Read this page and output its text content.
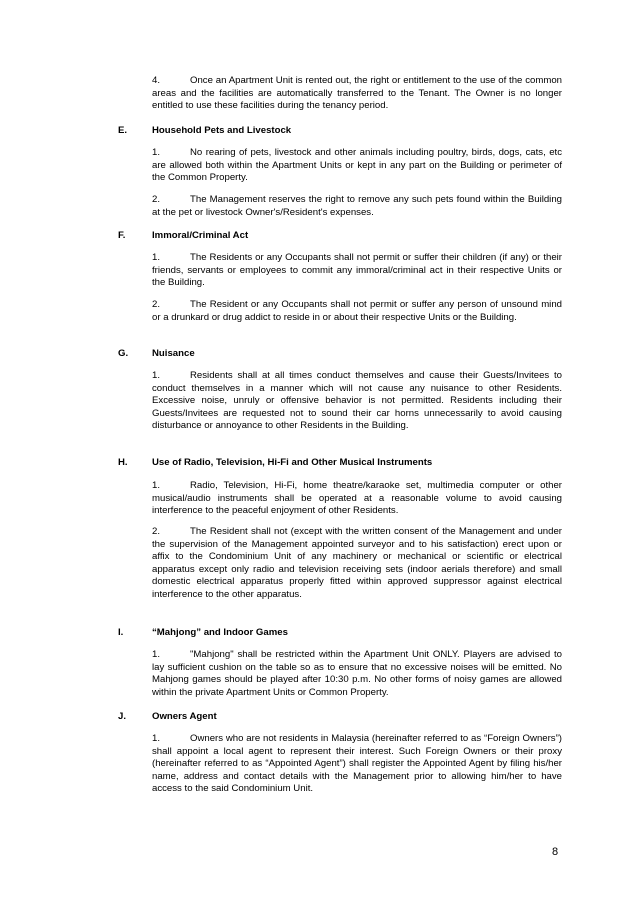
4.	Once an Apartment Unit is rented out, the right or entitlement to the use of the common areas and the facilities are automatically transferred to the Tenant. The Owner is no longer entitled to use these facilities during the tenancy period.

E.	Household Pets and Livestock

1.	No rearing of pets, livestock and other animals including poultry, birds, dogs, cats, etc are allowed both within the Apartment Units or kept in any part on the Building or perimeter of the Common Property.

2.	The Management reserves the right to remove any such pets found within the Building at the pet or livestock Owner's/Resident's expenses.

F.	Immoral/Criminal Act

1.	The Residents or any Occupants shall not permit or suffer their children (if any) or their friends, servants or employees to commit any immoral/criminal act in their respective Units or the Building.

2.	The Resident or any Occupants shall not permit or suffer any person of unsound mind or a drunkard or drug addict to reside in or about their respective Units or the Building.

G. Nuisance

1.	Residents shall at all times conduct themselves and cause their Guests/Invitees to conduct themselves in a manner which will not cause any nuisance to other Residents. Excessive noise, unruly or offensive behavior is not permitted. Residents including their Guests/Invitees are requested not to sound their car horns unnecessarily to avoid causing disturbance or annoyance to other Residents in the Building.

H.	Use of Radio, Television, Hi-Fi and Other Musical Instruments

1.	Radio, Television, Hi-Fi, home theatre/karaoke set, multimedia computer or other musical/audio instruments shall be operated at a reasonable volume to avoid causing interference to the peaceful enjoyment of other Residents.

2.	The Resident shall not (except with the written consent of the Management and under the supervision of the Management appointed surveyor and to his satisfaction) erect upon or affix to the Condominium Unit of any machinery or mechanical or scientific or electrical apparatus except only radio and television receiving sets (indoor aerials therefore) and small domestic electrical apparatus properly fitted within approved suppressor against electrical interference to the other apparatus.

I.	“Mahjong” and Indoor Games

1.	"Mahjong" shall be restricted within the Apartment Unit ONLY. Players are advised to lay sufficient cushion on the table so as to ensure that no excessive noises will be emitted. No Mahjong games should be played after 10:30 p.m. No other forms of noisy games are allowed within the private Apartment Units or Common Property.

J.	Owners Agent

1.	Owners who are not residents in Malaysia (hereinafter referred to as “Foreign Owners”) shall appoint a local agent to represent their interest. Such Foreign Owners or their proxy (hereinafter referred to as “Appointed Agent”) shall register the Appointed Agent by filing his/her name, address and contact details with the Management prior to allowing him/her to have access to the said Condominium Unit.

8
